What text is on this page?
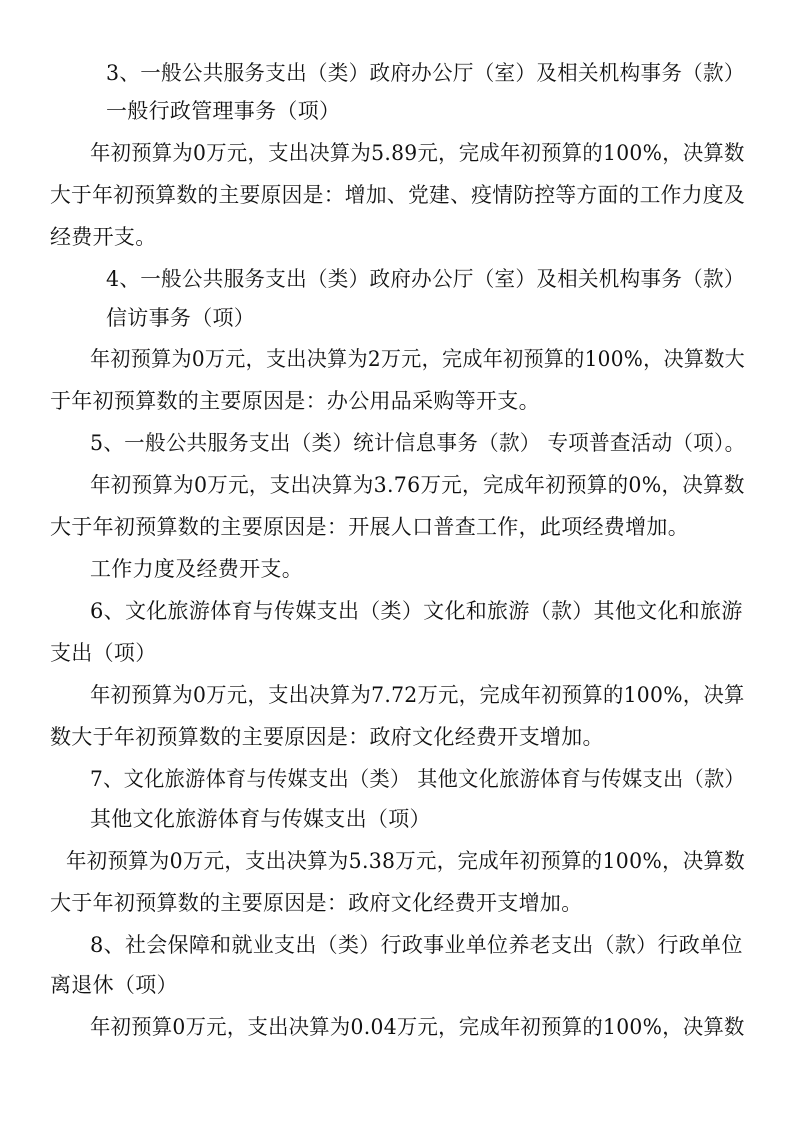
3、一般公共服务支出（类）政府办公厅（室）及相关机构事务（款）
一般行政管理事务（项）
年初预算为0万元，支出决算为5.89元，完成年初预算的100%，决算数
大于年初预算数的主要原因是：增加、党建、疫情防控等方面的工作力度及
经费开支。
4、一般公共服务支出（类）政府办公厅（室）及相关机构事务（款）
信访事务（项）
年初预算为0万元，支出决算为2万元，完成年初预算的100%，决算数大
于年初预算数的主要原因是：办公用品采购等开支。
5、一般公共服务支出（类）统计信息事务（款） 专项普查活动（项）。
年初预算为0万元，支出决算为3.76万元，完成年初预算的0%，决算数
大于年初预算数的主要原因是：开展人口普查工作，此项经费增加。
工作力度及经费开支。
6、文化旅游体育与传媒支出（类）文化和旅游（款）其他文化和旅游
支出（项）
年初预算为0万元，支出决算为7.72万元，完成年初预算的100%，决算
数大于年初预算数的主要原因是：政府文化经费开支增加。
7、文化旅游体育与传媒支出（类） 其他文化旅游体育与传媒支出（款）
其他文化旅游体育与传媒支出（项）
年初预算为0万元，支出决算为5.38万元，完成年初预算的100%，决算数
大于年初预算数的主要原因是：政府文化经费开支增加。
8、社会保障和就业支出（类）行政事业单位养老支出（款）行政单位
离退休（项）
年初预算0万元，支出决算为0.04万元，完成年初预算的100%，决算数
